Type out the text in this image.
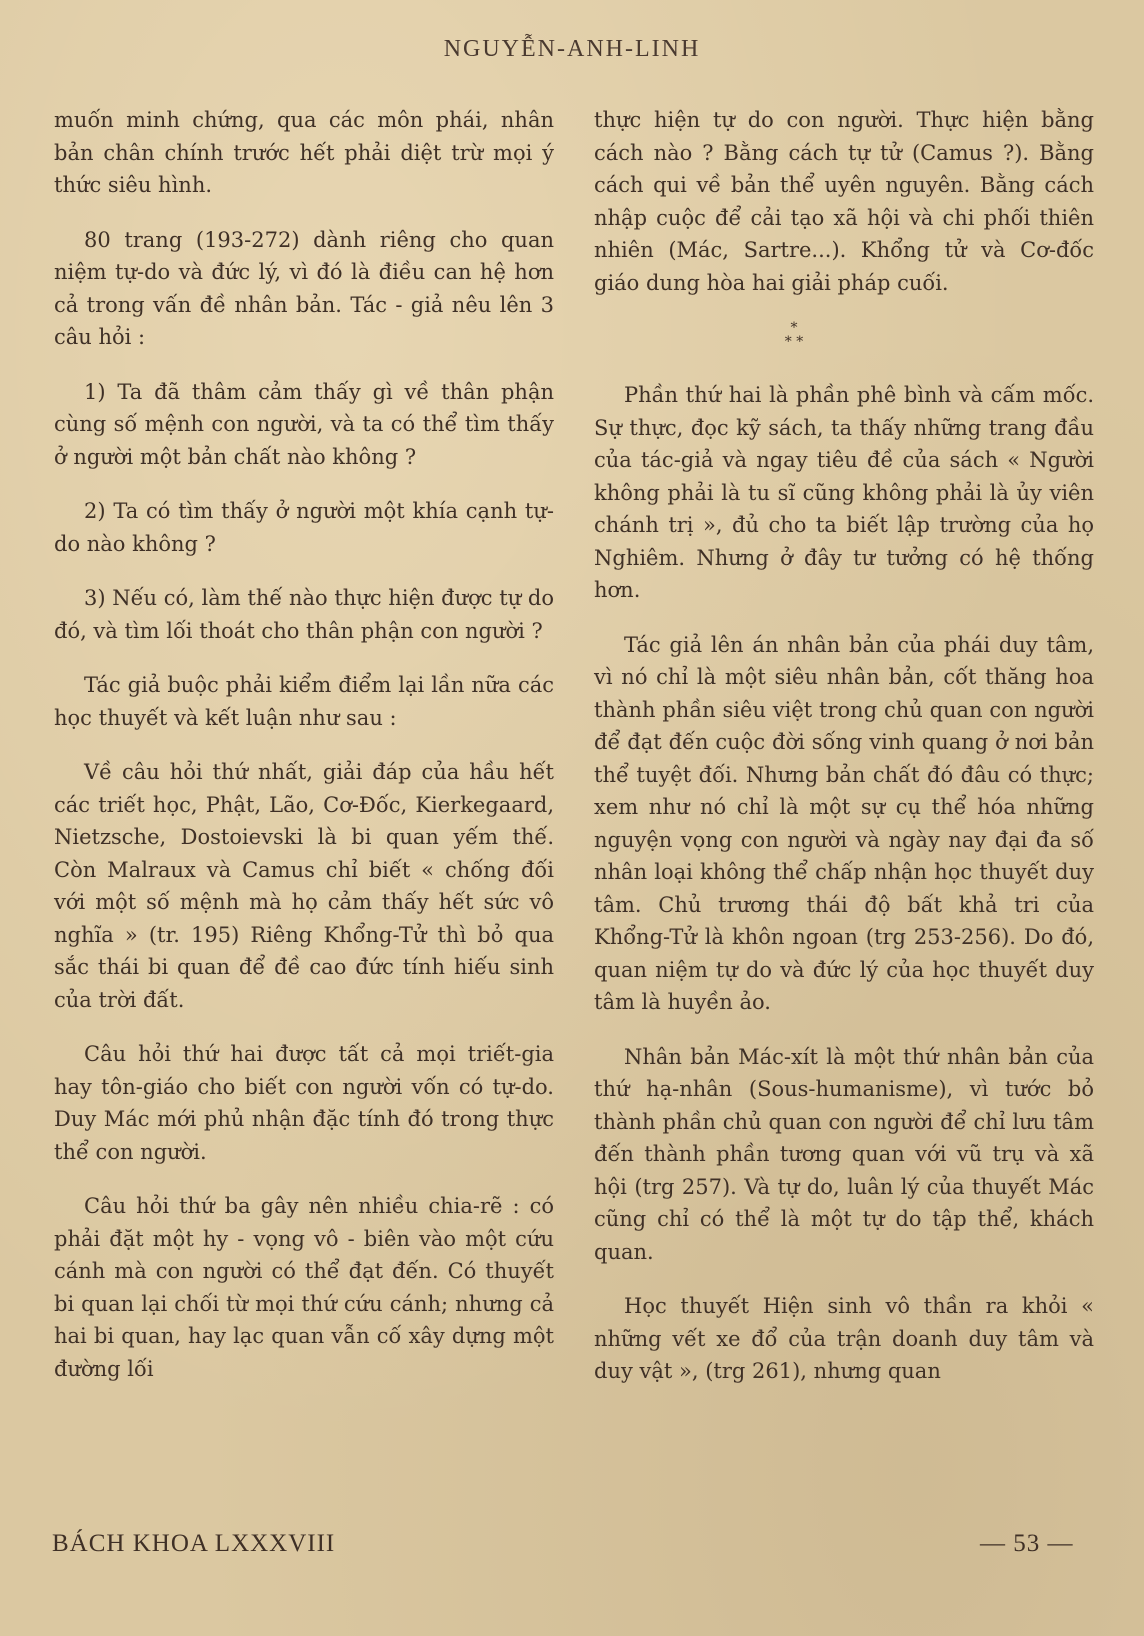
NGUYỄN-ANH-LINH

muốn minh chứng, qua các môn phái, nhân bản chân chính trước hết phải diệt trừ mọi ý thức siêu hình.

80 trang (193-272) dành riêng cho quan niệm tự-do và đức lý, vì đó là điều can hệ hơn cả trong vấn đề nhân bản. Tác - giả nêu lên 3 câu hỏi :

1) Ta đã thâm cảm thấy gì về thân phận cùng số mệnh con người, và ta có thể tìm thấy ở người một bản chất nào không ?

2) Ta có tìm thấy ở người một khía cạnh tự-do nào không ?

3) Nếu có, làm thế nào thực hiện được tự do đó, và tìm lối thoát cho thân phận con người ?

Tác giả buộc phải kiểm điểm lại lần nữa các học thuyết và kết luận như sau :

Về câu hỏi thứ nhất, giải đáp của hầu hết các triết học, Phật, Lão, Cơ-Đốc, Kierkegaard, Nietzsche, Dostoievski là bi quan yếm thế. Còn Malraux và Camus chỉ biết « chống đối với một số mệnh mà họ cảm thấy hết sức vô nghĩa » (tr. 195) Riêng Khổng-Tử thì bỏ qua sắc thái bi quan để đề cao đức tính hiếu sinh của trời đất.

Câu hỏi thứ hai được tất cả mọi triết-gia hay tôn-giáo cho biết con người vốn có tự-do. Duy Mác mới phủ nhận đặc tính đó trong thực thể con người.

Câu hỏi thứ ba gây nên nhiều chia-rẽ : có phải đặt một hy - vọng vô - biên vào một cứu cánh mà con người có thể đạt đến. Có thuyết bi quan lại chối từ mọi thứ cứu cánh; nhưng cả hai bi quan, hay lạc quan vẫn cố xây dựng một đường lối

thực hiện tự do con người. Thực hiện bằng cách nào ? Bằng cách tự tử (Camus ?). Bằng cách qui về bản thể uyên nguyên. Bằng cách nhập cuộc để cải tạo xã hội và chi phối thiên nhiên (Mác, Sartre...). Khổng tử và Cơ-đốc giáo dung hòa hai giải pháp cuối.

*
* *

Phần thứ hai là phần phê bình và cấm mốc. Sự thực, đọc kỹ sách, ta thấy những trang đầu của tác-giả và ngay tiêu đề của sách « Người không phải là tu sĩ cũng không phải là ủy viên chánh trị », đủ cho ta biết lập trường của họ Nghiêm. Nhưng ở đây tư tưởng có hệ thống hơn.

Tác giả lên án nhân bản của phái duy tâm, vì nó chỉ là một siêu nhân bản, cốt thăng hoa thành phần siêu việt trong chủ quan con người để đạt đến cuộc đời sống vinh quang ở nơi bản thể tuyệt đối. Nhưng bản chất đó đâu có thực; xem như nó chỉ là một sự cụ thể hóa những nguyện vọng con người và ngày nay đại đa số nhân loại không thể chấp nhận học thuyết duy tâm. Chủ trương thái độ bất khả tri của Khổng-Tử là khôn ngoan (trg 253-256). Do đó, quan niệm tự do và đức lý của học thuyết duy tâm là huyền ảo.

Nhân bản Mác-xít là một thứ nhân bản của thứ hạ-nhân (Sous-humanisme), vì tước bỏ thành phần chủ quan con người để chỉ lưu tâm đến thành phần tương quan với vũ trụ và xã hội (trg 257). Và tự do, luân lý của thuyết Mác cũng chỉ có thể là một tự do tập thể, khách quan.

Học thuyết Hiện sinh vô thần ra khỏi « những vết xe đổ của trận doanh duy tâm và duy vật », (trg 261), nhưng quan

BÁCH KHOA LXXXVIII	— 53 —
